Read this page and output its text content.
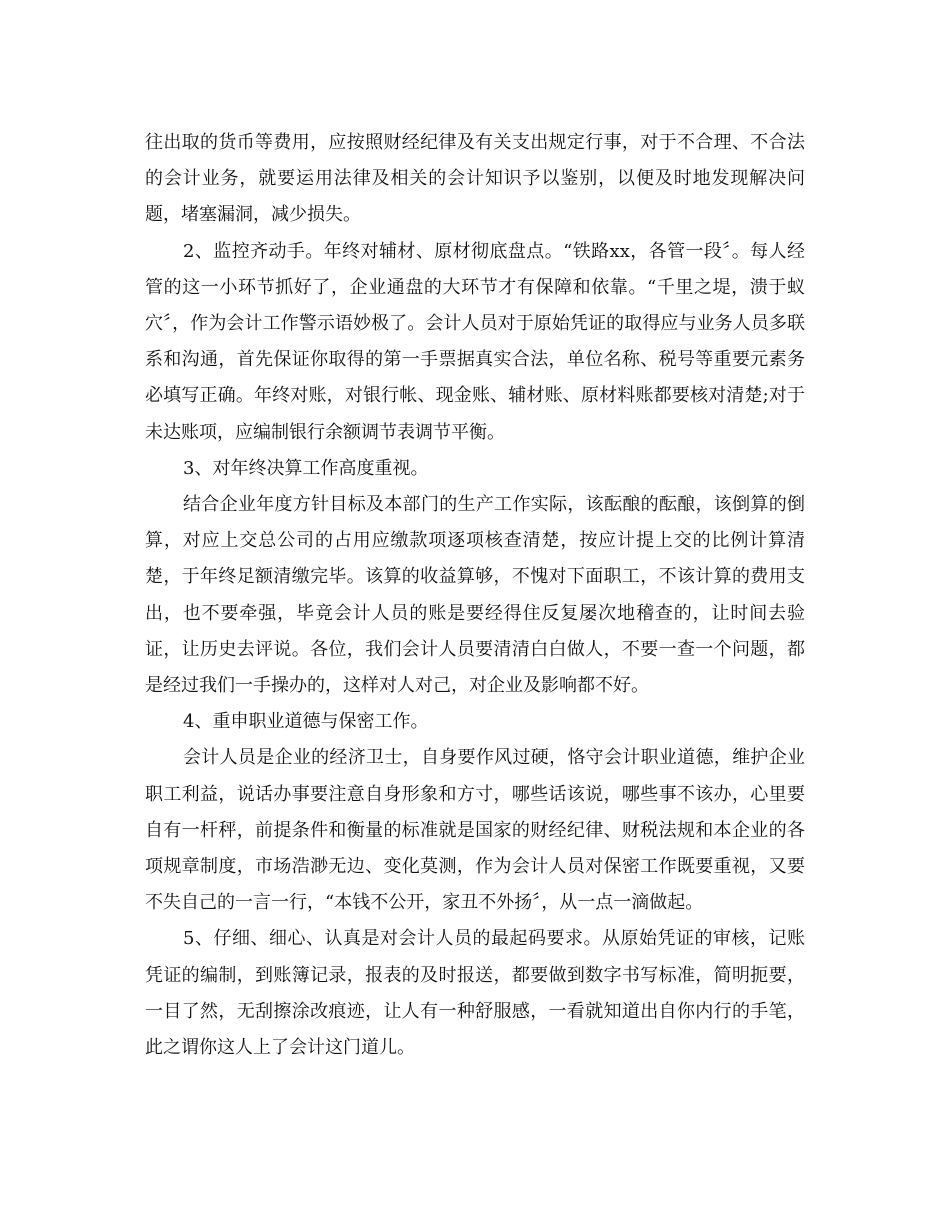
往出取的货币等费用，应按照财经纪律及有关支出规定行事，对于不合理、不合法的会计业务，就要运用法律及相关的会计知识予以鉴别，以便及时地发现解决问题，堵塞漏洞，减少损失。

2、监控齐动手。年终对辅材、原材彻底盘点。“铁路xx，各管一段〞。每人经管的这一小环节抓好了，企业通盘的大环节才有保障和依靠。“千里之堤，溃于蚁穴〞，作为会计工作警示语妙极了。会计人员对于原始凭证的取得应与业务人员多联系和沟通，首先保证你取得的第一手票据真实合法，单位名称、税号等重要元素务必填写正确。年终对账，对银行帐、现金账、辅材账、原材料账都要核对清楚;对于未达账项，应编制银行余额调节表调节平衡。

3、对年终决算工作高度重视。

结合企业年度方针目标及本部门的生产工作实际，该酝酿的酝酿，该倒算的倒算，对应上交总公司的占用应缴款项逐项核查清楚，按应计提上交的比例计算清楚，于年终足额清缴完毕。该算的收益算够，不愧对下面职工，不该计算的费用支出，也不要牵强，毕竟会计人员的账是要经得住反复屡次地稽查的，让时间去验证，让历史去评说。各位，我们会计人员要清清白白做人，不要一查一个问题，都是经过我们一手操办的，这样对人对己，对企业及影响都不好。

4、重申职业道德与保密工作。

会计人员是企业的经济卫士，自身要作风过硬，恪守会计职业道德，维护企业职工利益，说话办事要注意自身形象和方寸，哪些话该说，哪些事不该办，心里要自有一杆秤，前提条件和衡量的标准就是国家的财经纪律、财税法规和本企业的各项规章制度，市场浩渺无边、变化莫测，作为会计人员对保密工作既要重视，又要不失自己的一言一行，“本钱不公开，家丑不外扬〞，从一点一滴做起。

5、仔细、细心、认真是对会计人员的最起码要求。从原始凭证的审核，记账凭证的编制，到账簿记录，报表的及时报送，都要做到数字书写标准，简明扼要，一目了然，无刮擦涂改痕迹，让人有一种舒服感，一看就知道出自你内行的手笔，此之谓你这人上了会计这门道儿。
